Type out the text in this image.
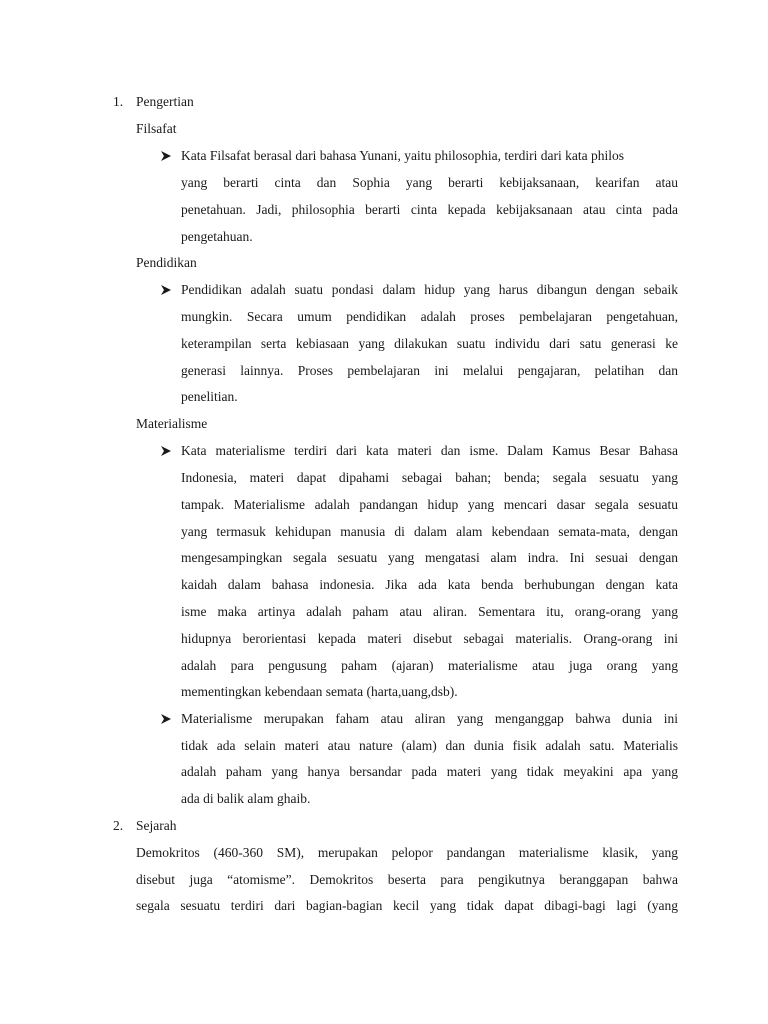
1. Pengertian
Filsafat
Kata Filsafat berasal dari bahasa Yunani, yaitu philosophia, terdiri dari kata philos
yang berarti cinta dan Sophia yang berarti kebijaksanaan, kearifan atau
penetahuan. Jadi, philosophia berarti cinta kepada kebijaksanaan atau cinta pada
pengetahuan.
Pendidikan
Pendidikan adalah suatu pondasi dalam hidup yang harus dibangun dengan sebaik
mungkin. Secara umum pendidikan adalah proses pembelajaran pengetahuan,
keterampilan serta kebiasaan yang dilakukan suatu individu dari satu generasi ke
generasi lainnya. Proses pembelajaran ini melalui pengajaran, pelatihan dan
penelitian.
Materialisme
Kata materialisme terdiri dari kata materi dan isme. Dalam Kamus Besar Bahasa
Indonesia, materi dapat dipahami sebagai bahan; benda; segala sesuatu yang
tampak. Materialisme adalah pandangan hidup yang mencari dasar segala sesuatu
yang termasuk kehidupan manusia di dalam alam kebendaan semata-mata, dengan
mengesampingkan segala sesuatu yang mengatasi alam indra. Ini sesuai dengan
kaidah dalam bahasa indonesia. Jika ada kata benda berhubungan dengan kata
isme maka artinya adalah paham atau aliran. Sementara itu, orang-orang yang
hidupnya berorientasi kepada materi disebut sebagai materialis. Orang-orang ini
adalah para pengusung paham (ajaran) materialisme atau juga orang yang
mementingkan kebendaan semata (harta,uang,dsb).
Materialisme merupakan faham atau aliran yang menganggap bahwa dunia ini
tidak ada selain materi atau nature (alam) dan dunia fisik adalah satu. Materialis
adalah paham yang hanya bersandar pada materi yang tidak meyakini apa yang
ada di balik alam ghaib.
2. Sejarah
Demokritos (460-360 SM), merupakan pelopor pandangan materialisme klasik, yang
disebut juga “atomisme”. Demokritos beserta para pengikutnya beranggapan bahwa
segala sesuatu terdiri dari bagian-bagian kecil yang tidak dapat dibagi-bagi lagi (yang
